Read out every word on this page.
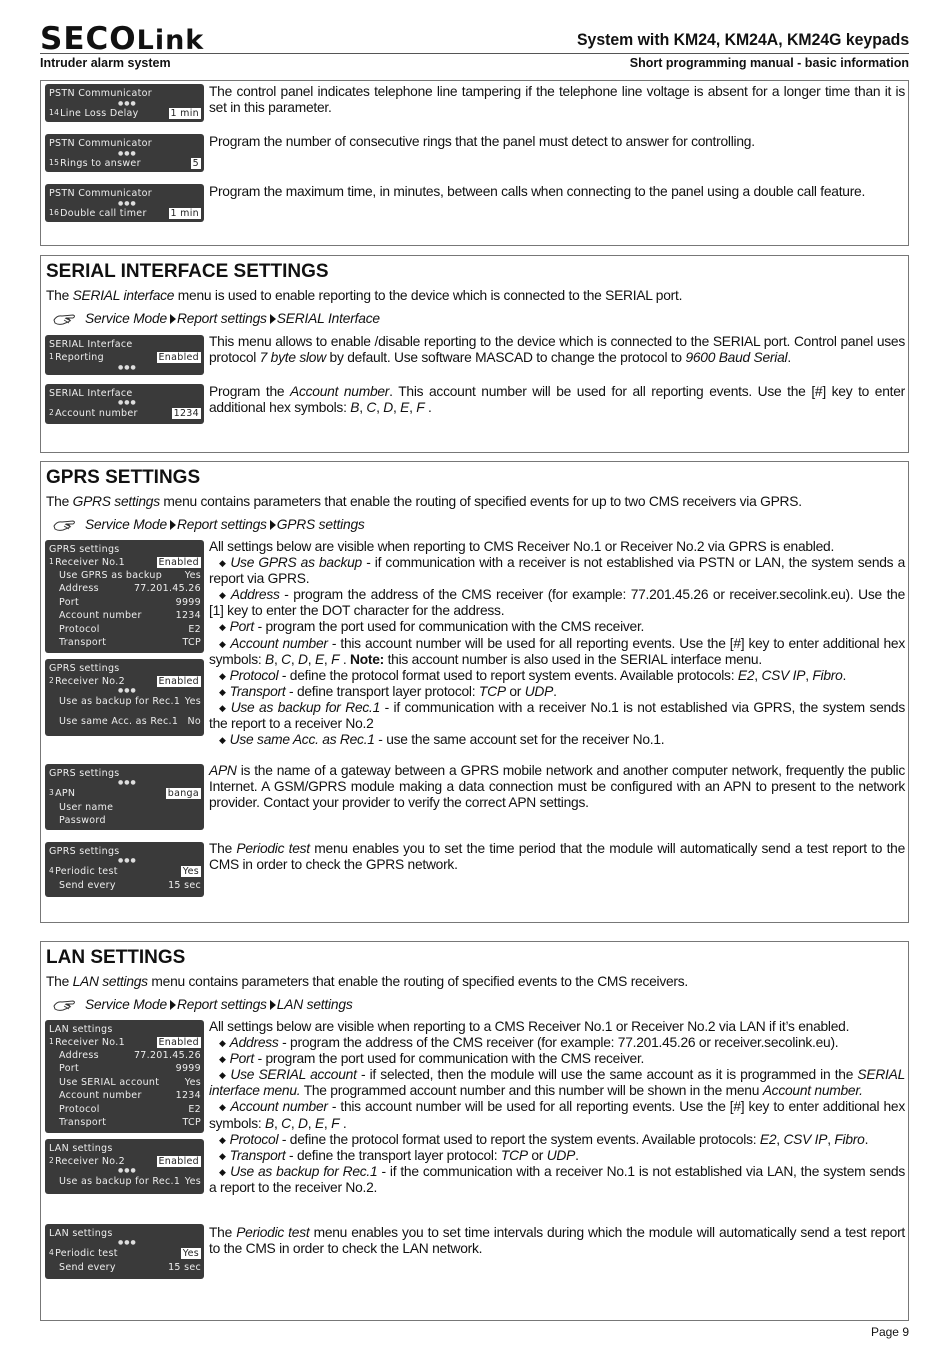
SECOLink	System with KM24, KM24A, KM24G keypads
Intruder alarm system	Short programming manual - basic information
PSTN Communicator
●●●
14Line Loss Delay	1 min

The control panel indicates telephone line tampering if the telephone line voltage is absent for a longer time than it is set in this parameter.

PSTN Communicator
●●●
15Rings to answer	5

Program the number of consecutive rings that the panel must detect to answer for controlling.

PSTN Communicator
●●●
16Double call timer	1 min

Program the maximum time, in minutes, between calls when connecting to the panel using a double call feature.

SERIAL INTERFACE SETTINGS
The SERIAL interface menu is used to enable reporting to the device which is connected to the SERIAL port.
Service Mode Report settings SERIAL Interface
SERIAL Interface
1Reporting	Enabled
●●●

This menu allows to enable /disable reporting to the device which is connected to the SERIAL port. Control panel uses protocol 7 byte slow by default. Use software MASCAD to change the protocol to 9600 Baud Serial.

SERIAL Interface
●●●
2Account number	1234

Program the Account number. This account number will be used for all reporting events. Use the [#] key to enter additional hex symbols: B, C, D, E, F .

GPRS SETTINGS
The GPRS settings menu contains parameters that enable the routing of specified events for up to two CMS receivers via GPRS.
Service Mode Report settings GPRS settings
GPRS settings
1Receiver No.1	Enabled
Use GPRS as backup Yes
Address	77.201.45.26
Port	9999
Account number	1234
Protocol	E2
Transport	TCP
GPRS settings
2Receiver No.2	Enabled
●●●
Use as backup for Rec.1 Yes
Use same Acc. as Rec.1 No
GPRS settings
●●●
3APN	banga
User name
Password
GPRS settings
●●●
4Periodic test	Yes
Send every	15 sec

All settings below are visible when reporting to CMS Receiver No.1 or Receiver No.2 via GPRS is enabled.

◆ Use GPRS as backup - if communication with a receiver is not established via PSTN or LAN, the system sends a report via GPRS.

◆ Address - program the address of the CMS receiver (for example: 77.201.45.26 or receiver.secolink.eu). Use the [1] key to enter the DOT character for the address.

◆ Port - program the port used for communication with the CMS receiver.

◆ Account number - this account number will be used for all reporting events. Use the [#] key to enter additional hex symbols: B, C, D, E, F . Note: this account number is also used in the SERIAL interface menu.

◆ Protocol - define the protocol format used to report system events. Available protocols: E2, CSV IP, Fibro.

◆ Transport - define transport layer protocol: TCP or UDP.

◆ Use as backup for Rec.1 - if communication with a receiver No.1 is not established via GPRS, the system sends the report to a receiver No.2

◆ Use same Acc. as Rec.1 - use the same account set for the receiver No.1.

APN is the name of a gateway between a GPRS mobile network and another computer network, frequently the public Internet. A GSM/GPRS module making a data connection must be configured with an APN to present to the network provider. Contact your provider to verify the correct APN settings.

The Periodic test menu enables you to set the time period that the module will automatically send a test report to the CMS in order to check the GPRS network.

LAN SETTINGS
The LAN settings menu contains parameters that enable the routing of specified events to the CMS receivers.
Service Mode Report settings LAN settings
LAN settings
1Receiver No.1	Enabled
Address	77.201.45.26
Port	9999
Use SERIAL account	Yes
Account number	1234
Protocol	E2
Transport	TCP
LAN settings
2Receiver No.2	Enabled
●●●
Use as backup for Rec.1 Yes
LAN settings
●●●
4Periodic test	Yes
Send every	15 sec

All settings below are visible when reporting to a CMS Receiver No.1 or Receiver No.2 via LAN if it’s enabled.

◆ Address - program the address of the CMS receiver (for example: 77.201.45.26 or receiver.secolink.eu).

◆ Port - program the port used for communication with the CMS receiver.

◆ Use SERIAL account - if selected, then the module will use the same account as it is programmed in the SERIAL interface menu. The programmed account number and this number will be shown in the menu Account number.

◆ Account number - this account number will be used for all reporting events. Use the [#] key to enter additional hex symbols: B, C, D, E, F .

◆ Protocol - define the protocol format used to report the system events. Available protocols: E2, CSV IP, Fibro.

◆ Transport - define the transport layer protocol: TCP or UDP.

◆ Use as backup for Rec.1 - if the communication with a receiver No.1 is not established via LAN, the system sends a report to the receiver No.2.

The Periodic test menu enables you to set time intervals during which the module will automatically send a test report to the CMS in order to check the LAN network.

Page 9
